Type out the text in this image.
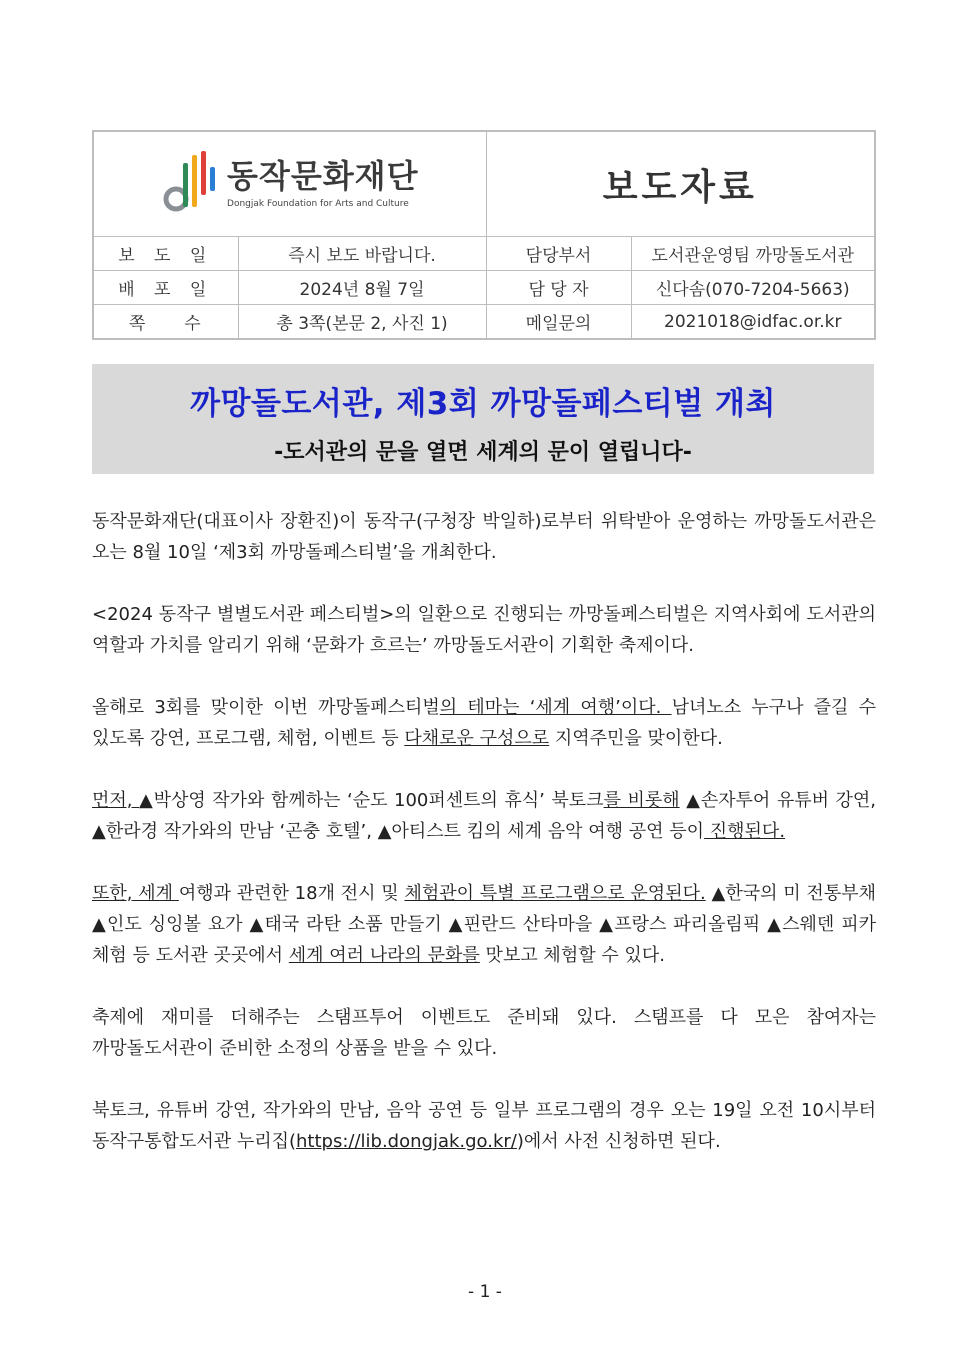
동작문화재단
Dongjak Foundation for Arts and Culture		보도자료	
보 도 일	즉시 보도 바랍니다.	담당부서	도서관운영팀 까망돌도서관
배 포 일	2024년 8월 7일	담 당 자	신다솜(070-7204-5663)
쪽     수	총 3쪽(본문 2, 사진 1)	메일문의	2021018@idfac.or.kr
까망돌도서관, 제3회 까망돌페스티벌 개최
-도서관의 문을 열면 세계의 문이 열립니다-

동작문화재단(대표이사 장환진)이 동작구(구청장 박일하)로부터 위탁받아 운영하는 까망돌도서관은 오는 8월 10일 ‘제3회 까망돌페스티벌’을 개최한다.

<2024 동작구 별별도서관 페스티벌>의 일환으로 진행되는 까망돌페스티벌은 지역사회에 도서관의 역할과 가치를 알리기 위해 ‘문화가 흐르는’ 까망돌도서관이 기획한 축제이다.

올해로 3회를 맞이한 이번 까망돌페스티벌의 테마는 ‘세계 여행’이다. 남녀노소 누구나 즐길 수 있도록 강연, 프로그램, 체험, 이벤트 등 다채로운 구성으로 지역주민을 맞이한다.

먼저, ▲박상영 작가와 함께하는 ‘순도 100퍼센트의 휴식’ 북토크를 비롯해 ▲손자투어 유튜버 강연, ▲한라경 작가와의 만남 ‘곤충 호텔’, ▲아티스트 킴의 세계 음악 여행 공연 등이 진행된다.

또한, 세계 여행과 관련한 18개 전시 및 체험관이 특별 프로그램으로 운영된다. ▲한국의 미 전통부채 ▲인도 싱잉볼 요가 ▲태국 라탄 소품 만들기 ▲핀란드 산타마을 ▲프랑스 파리올림픽 ▲스웨덴 피카 체험 등 도서관 곳곳에서 세계 여러 나라의 문화를 맛보고 체험할 수 있다.

축제에 재미를 더해주는 스탬프투어 이벤트도 준비돼 있다. 스탬프를 다 모은 참여자는 까망돌도서관이 준비한 소정의 상품을 받을 수 있다.

북토크, 유튜버 강연, 작가와의 만남, 음악 공연 등 일부 프로그램의 경우 오는 19일 오전 10시부터 동작구통합도서관 누리집(https://lib.dongjak.go.kr/)에서 사전 신청하면 된다.

- 1 -
